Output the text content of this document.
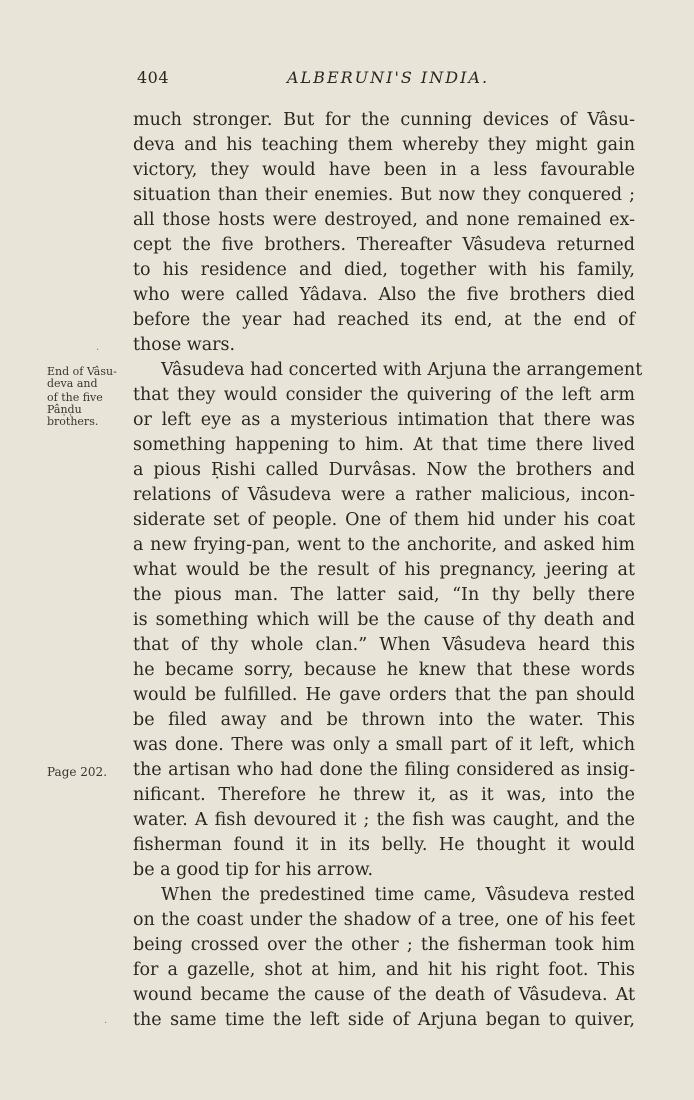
404	ALBERUNI'S INDIA.
End of Vâsu-
deva and
of the five
Pâṇḍu
brothers.
Page 202.
much stronger. But for the cunning devices of Vâsu-
deva and his teaching them whereby they might gain
victory, they would have been in a less favourable
situation than their enemies. But now they conquered ;
all those hosts were destroyed, and none remained ex-
cept the five brothers. Thereafter Vâsudeva returned
to his residence and died, together with his family,
who were called Yâdava. Also the five brothers died
before the year had reached its end, at the end of
those wars.
Vâsudeva had concerted with Arjuna the arrangement
that they would consider the quivering of the left arm
or left eye as a mysterious intimation that there was
something happening to him. At that time there lived
a pious Ṛishi called Durvâsas. Now the brothers and
relations of Vâsudeva were a rather malicious, incon-
siderate set of people. One of them hid under his coat
a new frying-pan, went to the anchorite, and asked him
what would be the result of his pregnancy, jeering at
the pious man. The latter said, “In thy belly there
is something which will be the cause of thy death and
that of thy whole clan.” When Vâsudeva heard this
he became sorry, because he knew that these words
would be fulfilled. He gave orders that the pan should
be filed away and be thrown into the water. This
was done. There was only a small part of it left, which
the artisan who had done the filing considered as insig-
nificant. Therefore he threw it, as it was, into the
water. A fish devoured it ; the fish was caught, and the
fisherman found it in its belly. He thought it would
be a good tip for his arrow.
When the predestined time came, Vâsudeva rested
on the coast under the shadow of a tree, one of his feet
being crossed over the other ; the fisherman took him
for a gazelle, shot at him, and hit his right foot. This
wound became the cause of the death of Vâsudeva. At
the same time the left side of Arjuna began to quiver,
·
·
